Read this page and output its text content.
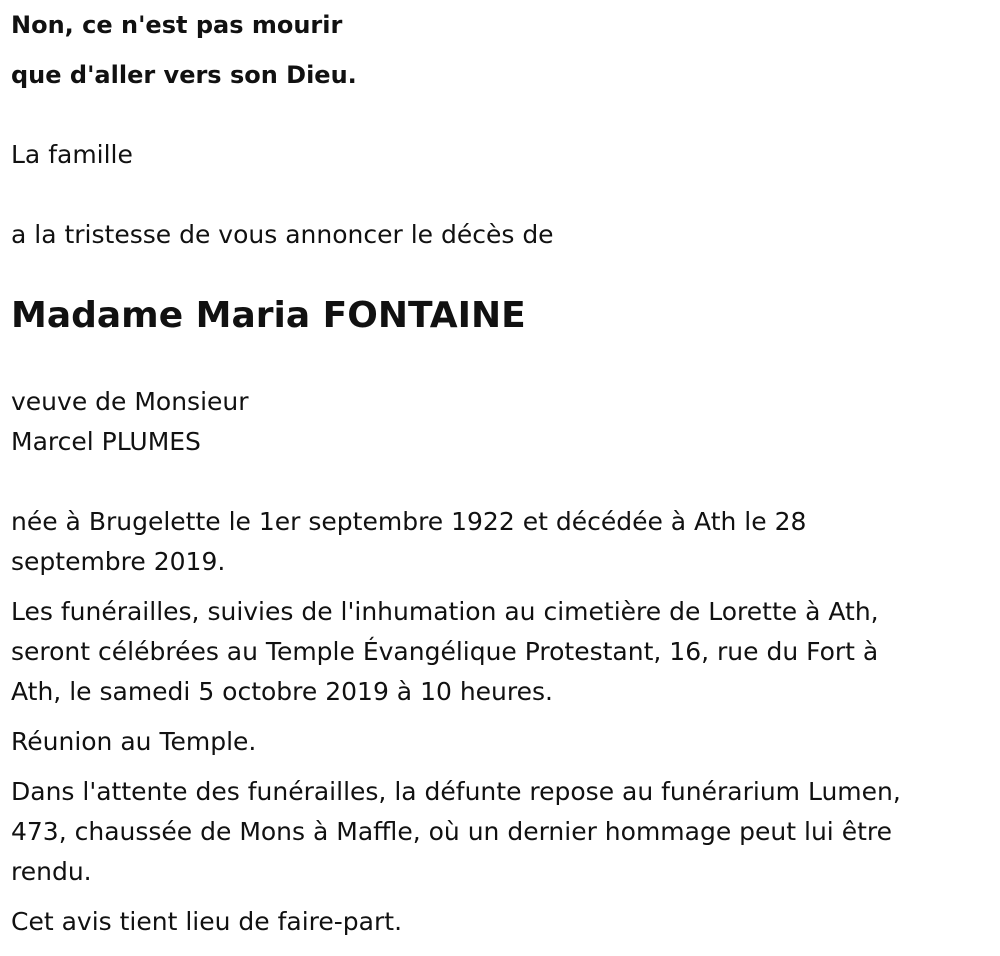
Non, ce n'est pas mourir
que d'aller vers son Dieu.
La famille
a la tristesse de vous annoncer le décès de
Madame Maria FONTAINE
veuve de Monsieur
Marcel PLUMES
née à Brugelette le 1er septembre 1922 et décédée à Ath le 28
septembre 2019.
Les funérailles, suivies de l'inhumation au cimetière de Lorette à Ath,
seront célébrées au Temple Évangélique Protestant, 16, rue du Fort à
Ath, le samedi 5 octobre 2019 à 10 heures.
Réunion au Temple.
Dans l'attente des funérailles, la défunte repose au funérarium Lumen,
473, chaussée de Mons à Maffle, où un dernier hommage peut lui être
rendu.
Cet avis tient lieu de faire-part.
